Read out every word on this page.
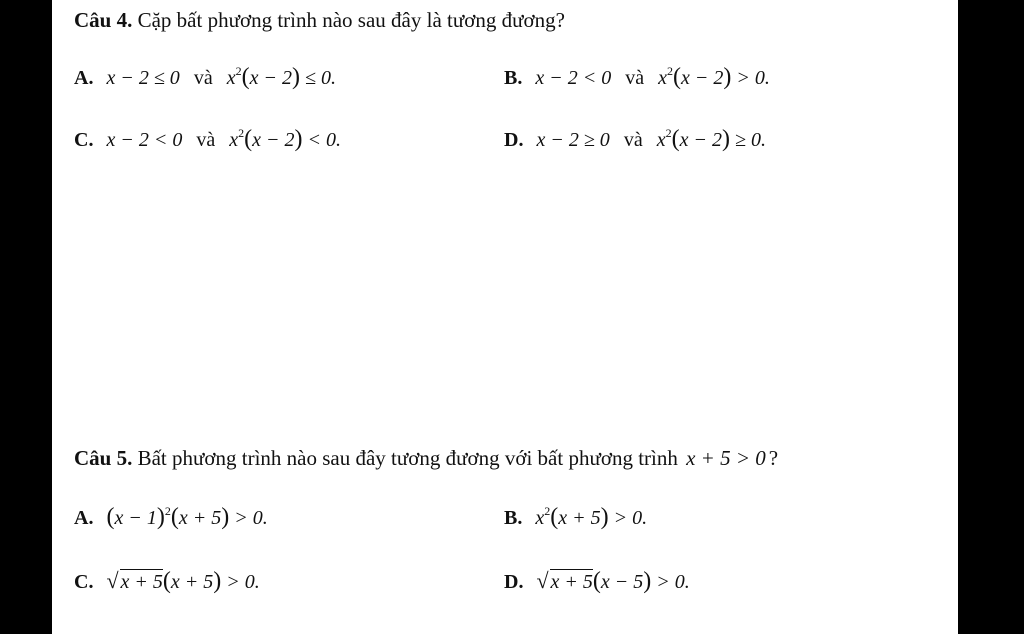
Câu 4. Cặp bất phương trình nào sau đây là tương đương?
A. x − 2 ≤ 0 và $x^2(x - 2) \le 0$.	B. x − 2 < 0 và $x^2(x - 2) > 0$.
C. x − 2 < 0 và $x^2(x - 2) < 0$.	D. x − 2 ≥ 0 và $x^2(x - 2) \ge 0$.
Câu 5. Bất phương trình nào sau đây tương đương với bất phương trình x + 5 > 0 ?
A. $(x - 1)^2(x + 5) > 0$.	B. $x^2(x + 5) > 0$.
C. √ x + 5(x + 5) > 0.	D. √ x + 5(x − 5) > 0.
